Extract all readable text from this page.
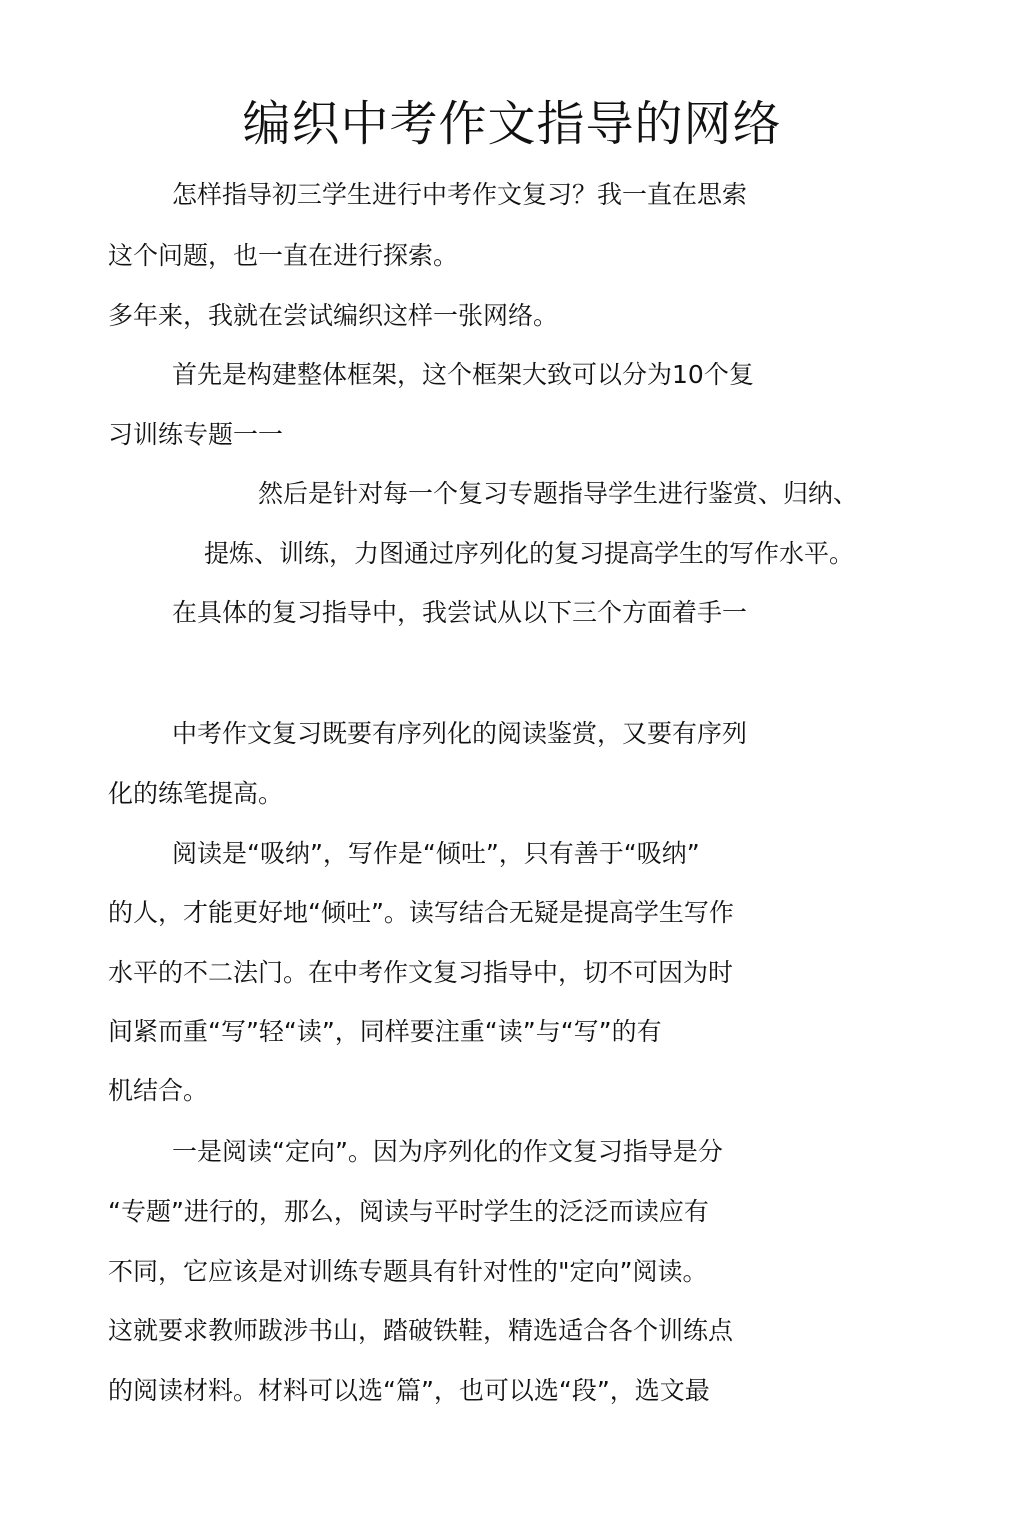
编织中考作文指导的网络
怎样指导初三学生进行中考作文复习？我一直在思索
这个问题，也一直在进行探索。
多年来，我就在尝试编织这样一张网络。
首先是构建整体框架，这个框架大致可以分为10个复
习训练专题一一
然后是针对每一个复习专题指导学生进行鉴赏、归纳、
提炼、训练，力图通过序列化的复习提高学生的写作水平。
在具体的复习指导中，我尝试从以下三个方面着手一
中考作文复习既要有序列化的阅读鉴赏，又要有序列
化的练笔提高。
阅读是“吸纳”，写作是“倾吐”，只有善于“吸纳”
的人，才能更好地“倾吐”。读写结合无疑是提高学生写作
水平的不二法门。在中考作文复习指导中，切不可因为时
间紧而重“写”轻“读”，同样要注重“读”与“写”的有
机结合。
一是阅读“定向”。因为序列化的作文复习指导是分
“专题”进行的，那么，阅读与平时学生的泛泛而读应有
不同，它应该是对训练专题具有针对性的"定向”阅读。
这就要求教师跋涉书山，踏破铁鞋，精选适合各个训练点
的阅读材料。材料可以选“篇”，也可以选“段”，选文最
